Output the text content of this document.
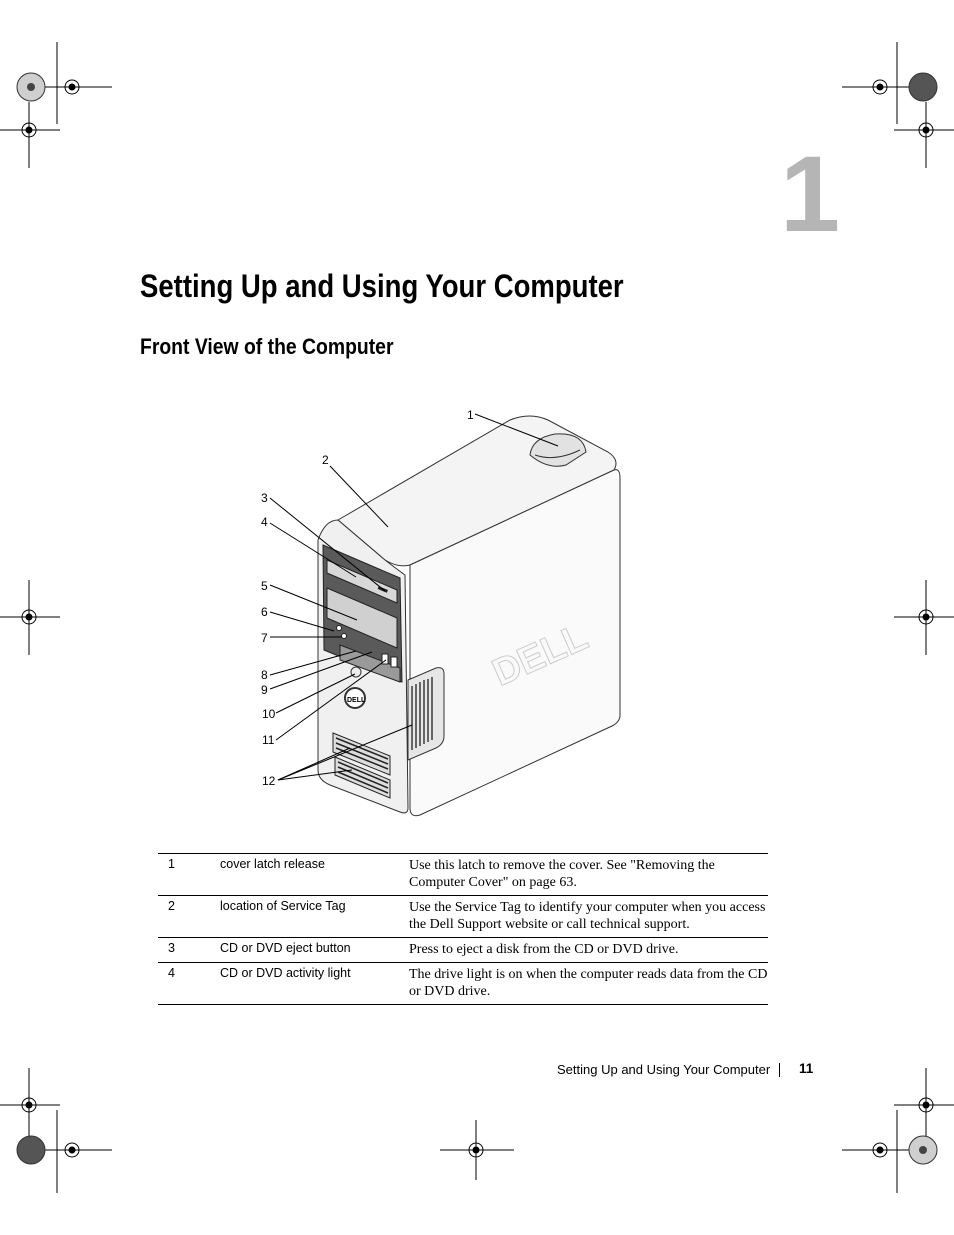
1
Setting Up and Using Your Computer
Front View of the Computer
DELL
DELL
1
2
3
4
5
6
7
8
9
10
11
12
1	cover latch release	Use this latch to remove the cover. See "Removing the Computer Cover" on page 63.
2	location of Service Tag	Use the Service Tag to identify your computer when you access the Dell Support website or call technical support.
3	CD or DVD eject button	Press to eject a disk from the CD or DVD drive.
4	CD or DVD activity light	The drive light is on when the computer reads data from the CD or DVD drive.
Setting Up and Using Your Computer 11
